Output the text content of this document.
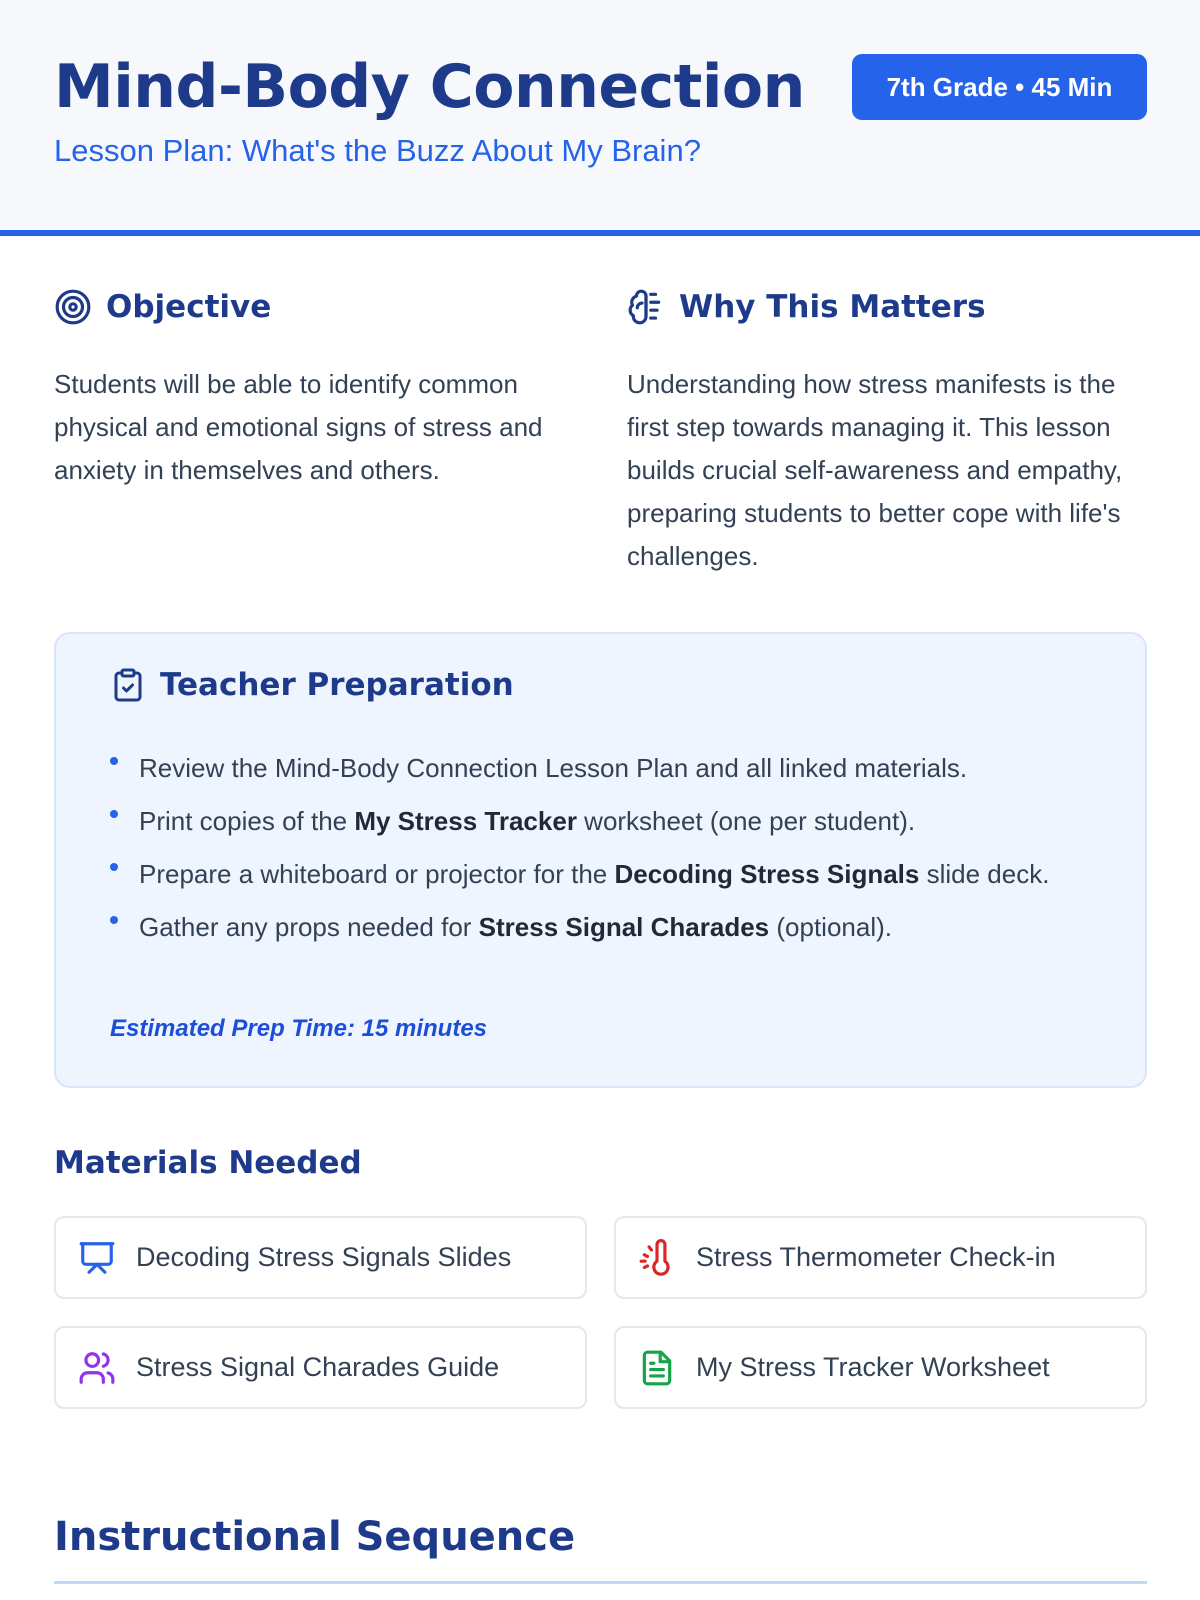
Mind-Body Connection
Lesson Plan: What's the Buzz About My Brain?
7th Grade • 45 Min
Objective

Students will be able to identify common physical and emotional signs of stress and anxiety in themselves and others.

Why This Matters

Understanding how stress manifests is the first step towards managing it. This lesson builds crucial self-awareness and empathy, preparing students to better cope with life's challenges.

Teacher Preparation
Review the Mind-Body Connection Lesson Plan and all linked materials.
Print copies of the My Stress Tracker worksheet (one per student).
Prepare a whiteboard or projector for the Decoding Stress Signals slide deck.
Gather any props needed for Stress Signal Charades (optional).
Estimated Prep Time: 15 minutes
Materials Needed
Decoding Stress Signals Slides	Stress Thermometer Check-in
Stress Signal Charades Guide	My Stress Tracker Worksheet
Instructional Sequence
